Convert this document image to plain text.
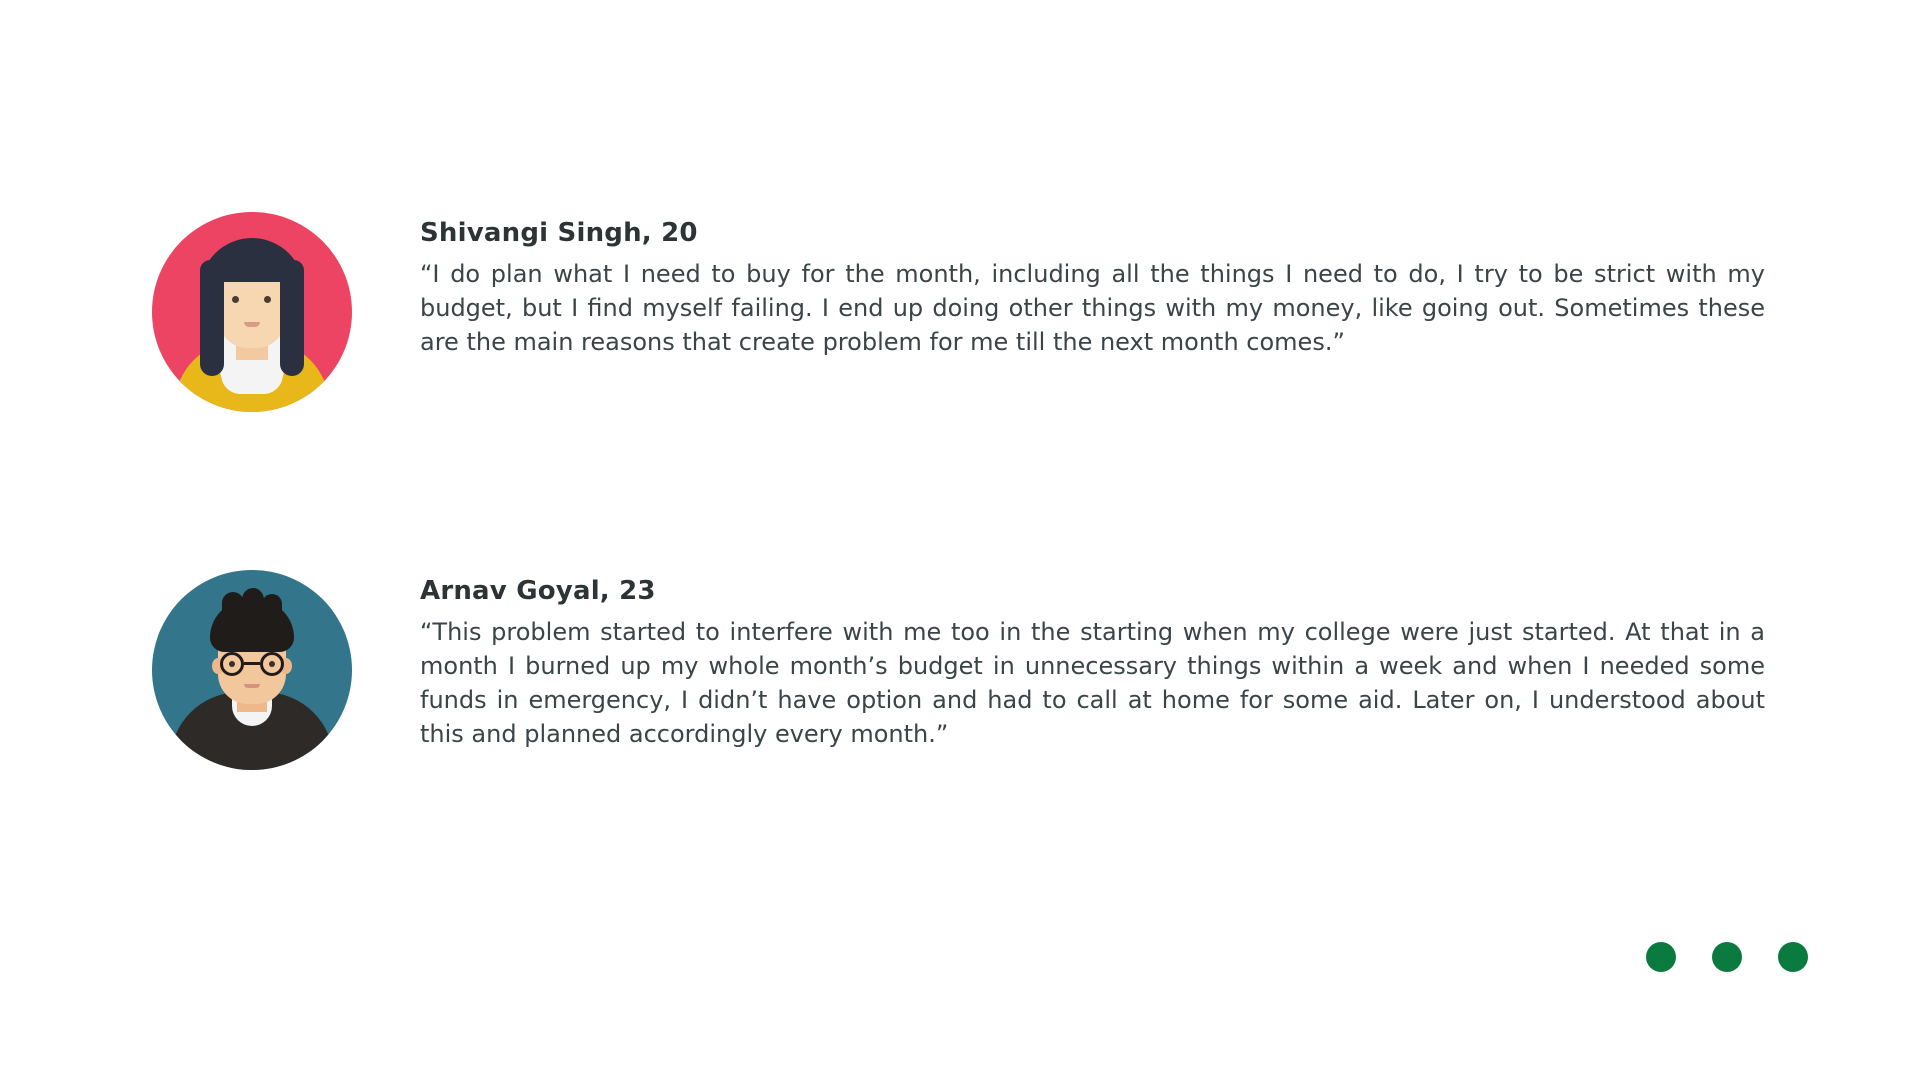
Shivangi Singh, 20

“I do plan what I need to buy for the month, including all the things I need to do, I try to be strict with my budget, but I find myself failing. I end up doing other things with my money, like going out. Sometimes these are the main reasons that create problem for me till the next month comes.”

Arnav Goyal, 23

“This problem started to interfere with me too in the starting when my college were just started. At that in a month I burned up my whole month’s budget in unnecessary things within a week and when I needed some funds in emergency, I didn’t have option and had to call at home for some aid. Later on, I understood about this and planned accordingly every month.”
